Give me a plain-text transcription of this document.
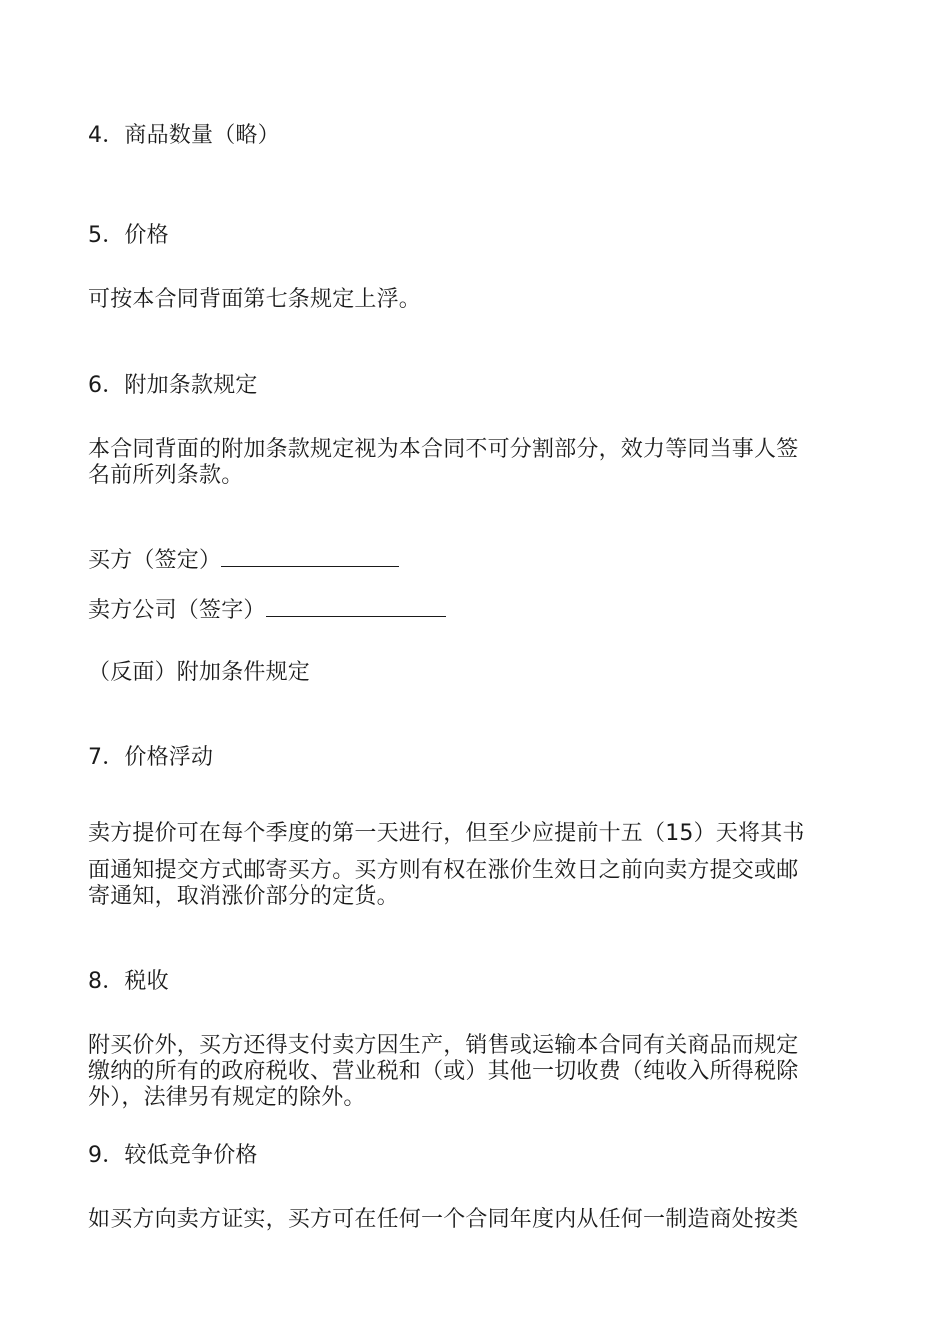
4．商品数量（略）
5．价格
可按本合同背面第七条规定上浮。
6．附加条款规定
本合同背面的附加条款规定视为本合同不可分割部分，效力等同当事人签
名前所列条款。
买方（签定）
卖方公司（签字）
（反面）附加条件规定
7．价格浮动
卖方提价可在每个季度的第一天进行，但至少应提前十五（15）天将其书
面通知提交方式邮寄买方。买方则有权在涨价生效日之前向卖方提交或邮
寄通知，取消涨价部分的定货。
8．税收
附买价外，买方还得支付卖方因生产，销售或运输本合同有关商品而规定
缴纳的所有的政府税收、营业税和（或）其他一切收费（纯收入所得税除
外），法律另有规定的除外。
9．较低竞争价格
如买方向卖方证实，买方可在任何一个合同年度内从任何一制造商处按类
